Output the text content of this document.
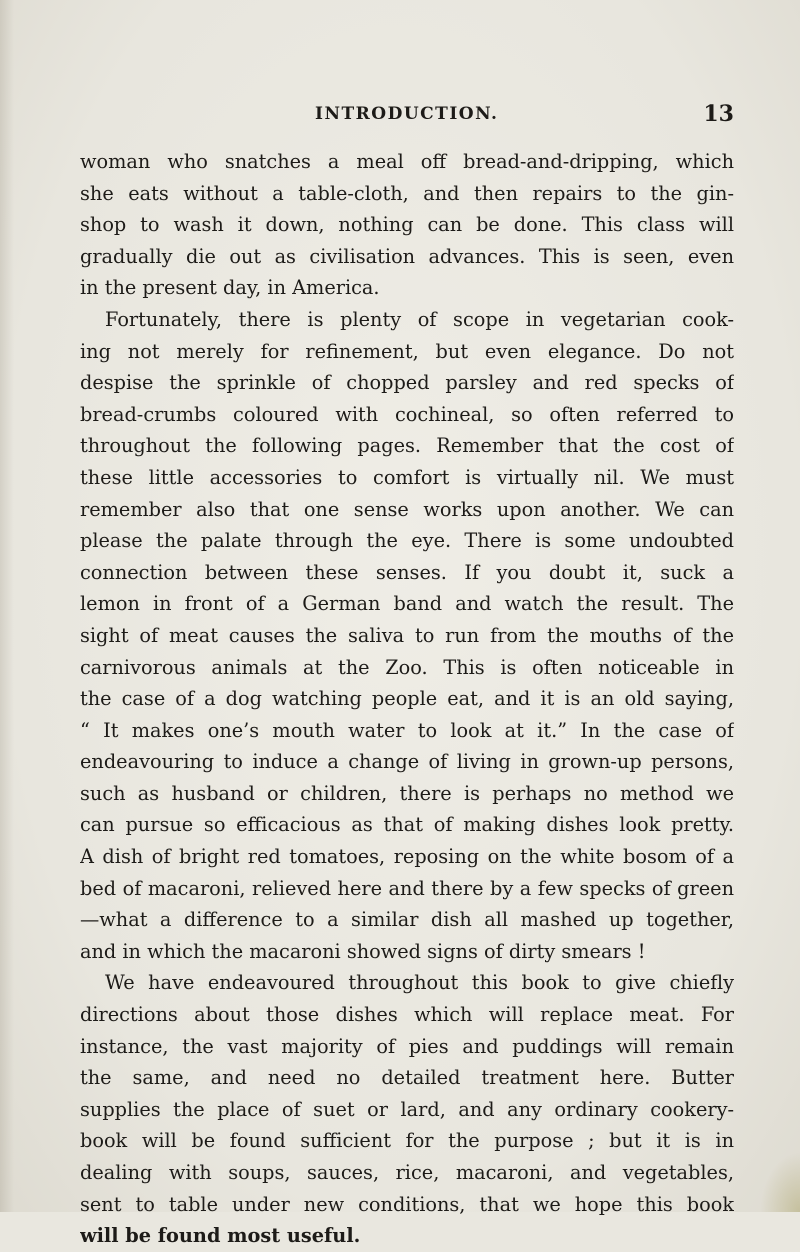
INTRODUCTION.	13
woman who snatches a meal off bread-and-dripping, which
she eats without a table-cloth, and then repairs to the gin-
shop to wash it down, nothing can be done. This class will
gradually die out as civilisation advances. This is seen, even
in the present day, in America.
Fortunately, there is plenty of scope in vegetarian cook-
ing not merely for refinement, but even elegance. Do not
despise the sprinkle of chopped parsley and red specks of
bread-crumbs coloured with cochineal, so often referred to
throughout the following pages. Remember that the cost of
these little accessories to comfort is virtually nil. We must
remember also that one sense works upon another. We can
please the palate through the eye. There is some undoubted
connection between these senses. If you doubt it, suck a
lemon in front of a German band and watch the result. The
sight of meat causes the saliva to run from the mouths of the
carnivorous animals at the Zoo. This is often noticeable in
the case of a dog watching people eat, and it is an old saying,
“ It makes one’s mouth water to look at it.” In the case of
endeavouring to induce a change of living in grown-up persons,
such as husband or children, there is perhaps no method we
can pursue so efficacious as that of making dishes look pretty.
A dish of bright red tomatoes, reposing on the white bosom of a
bed of macaroni, relieved here and there by a few specks of green
—what a difference to a similar dish all mashed up together,
and in which the macaroni showed signs of dirty smears !
We have endeavoured throughout this book to give chiefly
directions about those dishes which will replace meat. For
instance, the vast majority of pies and puddings will remain
the same, and need no detailed treatment here. Butter
supplies the place of suet or lard, and any ordinary cookery-
book will be found sufficient for the purpose ; but it is in
dealing with soups, sauces, rice, macaroni, and vegetables,
sent to table under new conditions, that we hope this book
will be found most useful.
